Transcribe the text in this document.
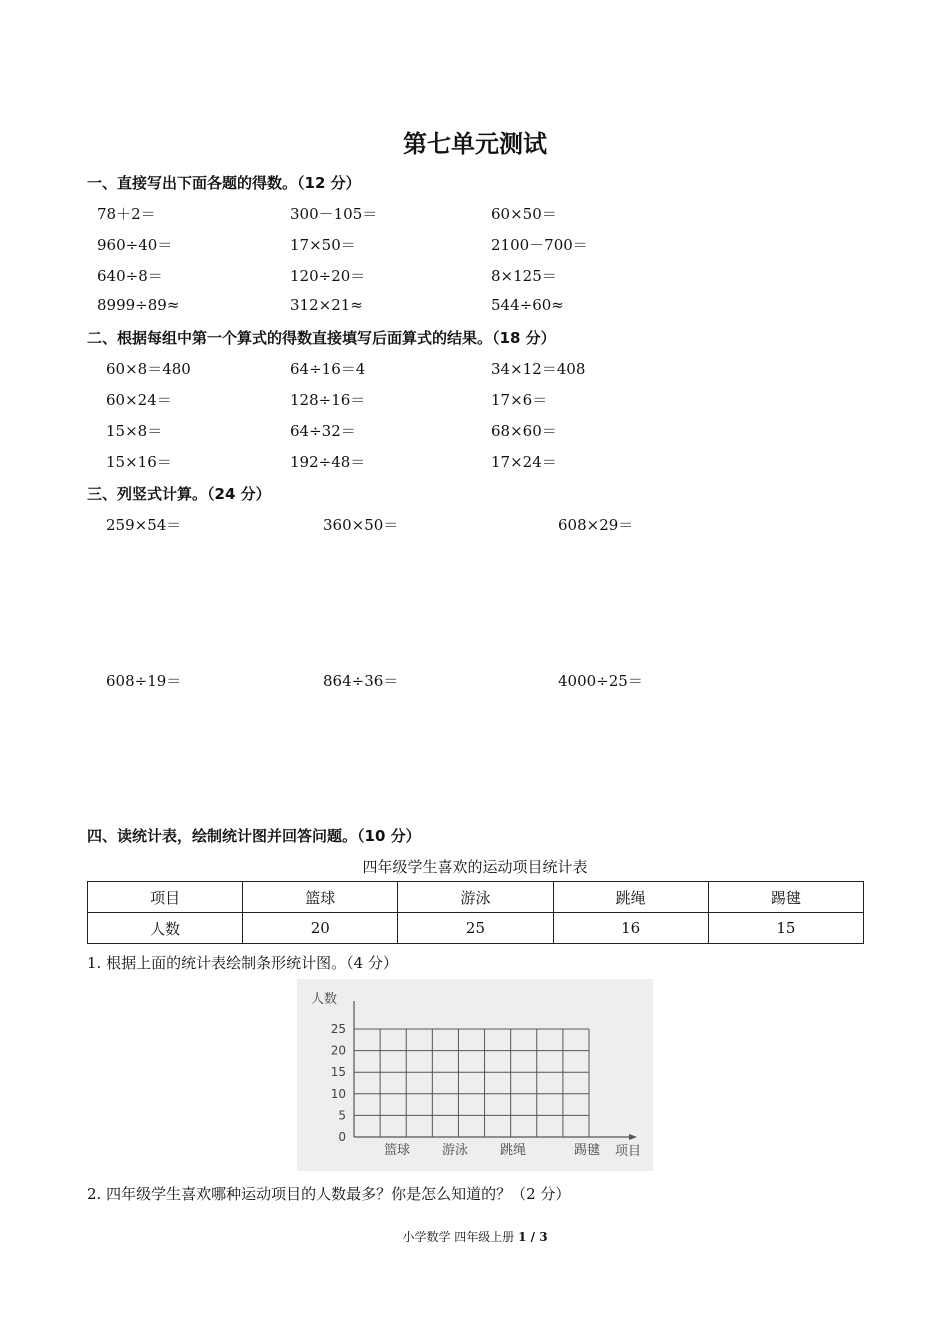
第七单元测试
一、直接写出下面各题的得数。（12 分）
78＋2＝	300－105＝	60×50＝
960÷40＝	17×50＝	2100－700＝
640÷8＝	120÷20＝	8×125＝
8999÷89≈	312×21≈	544÷60≈
二、根据每组中第一个算式的得数直接填写后面算式的结果。（18 分）
60×8＝480	64÷16＝4	34×12＝408
60×24＝	128÷16＝	17×6＝
15×8＝	64÷32＝	68×60＝
15×16＝	192÷48＝	17×24＝
三、列竖式计算。（24 分）
259×54＝	360×50＝	608×29＝
608÷19＝	864÷36＝	4000÷25＝
四、读统计表，绘制统计图并回答问题。（10 分）
四年级学生喜欢的运动项目统计表
项目	篮球	游泳	跳绳	踢毽
人数	20	25	16	15
1. 根据上面的统计表绘制条形统计图。（4 分）
0
5
10
15
20
25
篮球 游泳 跳绳	踢毽
人数
项目
2. 四年级学生喜欢哪种运动项目的人数最多？你是怎么知道的？（2 分）
小学数学 四年级上册 1 / 3
